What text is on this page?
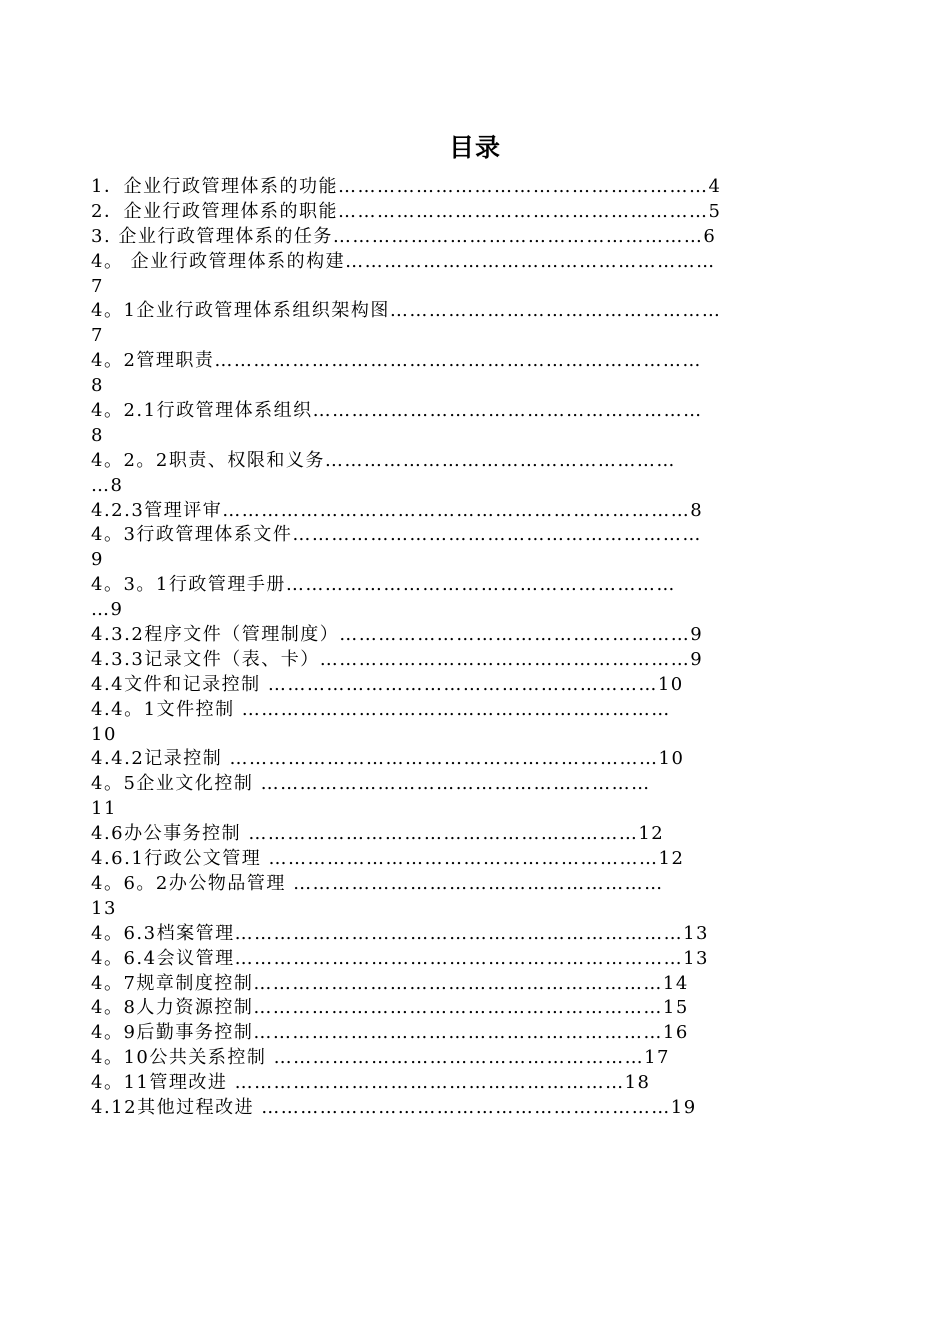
目录
1．企业行政管理体系的功能…………………………………………………4
2．企业行政管理体系的职能…………………………………………………5
3. 企业行政管理体系的任务…………………………………………………6
4。 企业行政管理体系的构建…………………………………………………
7
4。1企业行政管理体系组织架构图……………………………………………
7
4。2管理职责…………………………………………………………………
8
4。2.1行政管理体系组织……………………………………………………
8
4。2。2职责、权限和义务………………………………………………
…8
4.2.3管理评审………………………………………………………………8
4。3行政管理体系文件………………………………………………………
9
4。3。1行政管理手册……………………………………………………
…9
4.3.2程序文件（管理制度）………………………………………………9
4.3.3记录文件（表、卡）…………………………………………………9
4.4文件和记录控制 ……………………………………………………10
4.4。1文件控制 …………………………………………………………
10
4.4.2记录控制 …………………………………………………………10
4。5企业文化控制 ……………………………………………………
11
4.6办公事务控制 ……………………………………………………12
4.6.1行政公文管理 ……………………………………………………12
4。6。2办公物品管理 …………………………………………………
13
4。6.3档案管理……………………………………………………………13
4。6.4会议管理……………………………………………………………13
4。7规章制度控制………………………………………………………14
4。8人力资源控制………………………………………………………15
4。9后勤事务控制………………………………………………………16
4。10公共关系控制 …………………………………………………17
4。11管理改进 ……………………………………………………18
4.12其他过程改进 ………………………………………………………19
